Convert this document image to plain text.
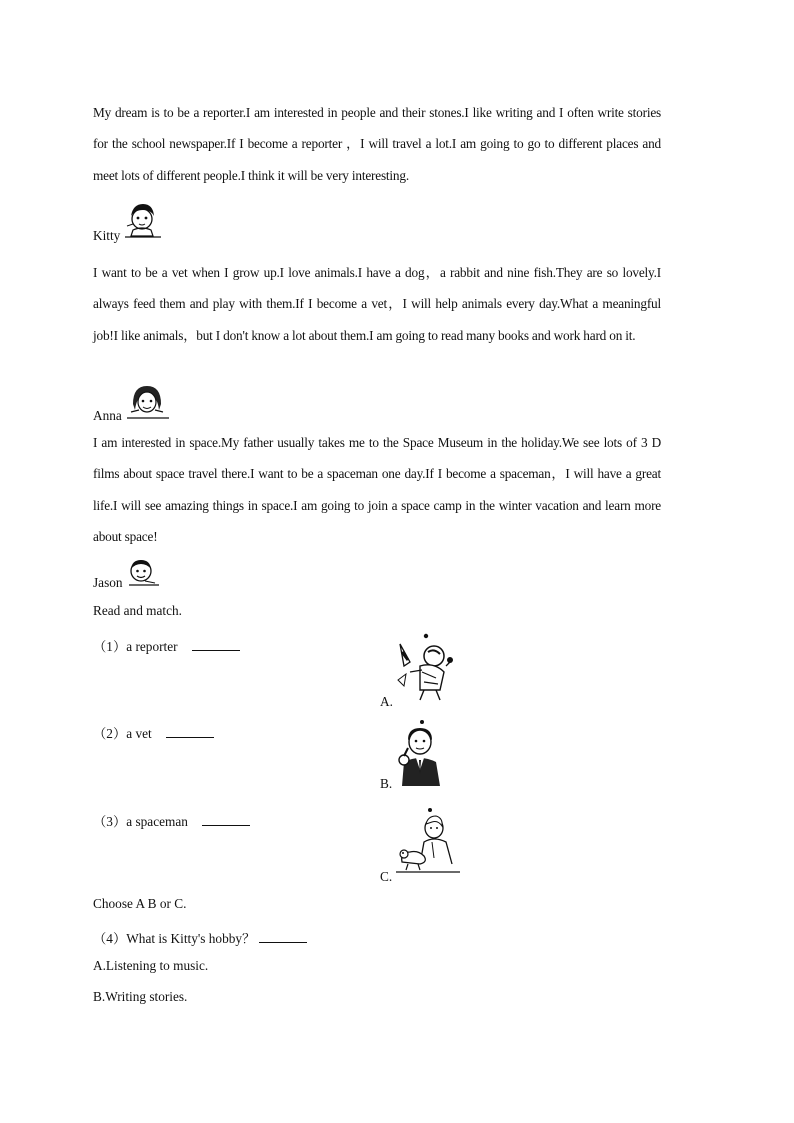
My dream is to be a reporter.I am interested in people and their stones.I like writing and I often write stories for the school newspaper.If I become a reporter ，I will travel a lot.I am going to go to different places and meet lots of different people.I think it will be very interesting.

Kitty

I want to be a vet when I grow up.I love animals.I have a dog，a rabbit and nine fish.They are so lovely.I always feed them and play with them.If I become a vet，I will help animals every day.What a meaningful job!I like animals，but I don't know a lot about them.I am going to read many books and work hard on it.

Anna

I am interested in space.My father usually takes me to the Space Museum in the holiday.We see lots of 3 D films about space travel there.I want to be a spaceman one day.If I become a spaceman，I will have a great life.I will see amazing things in space.I am going to join a space camp in the winter vacation and learn more about space!

Jason
Read and match.
（1）a reporter
（2）a vet
（3）a spaceman
A.
B.
C.
Choose A B or C.
（4）What is Kitty's hobby？
A.Listening to music.
B.Writing stories.
